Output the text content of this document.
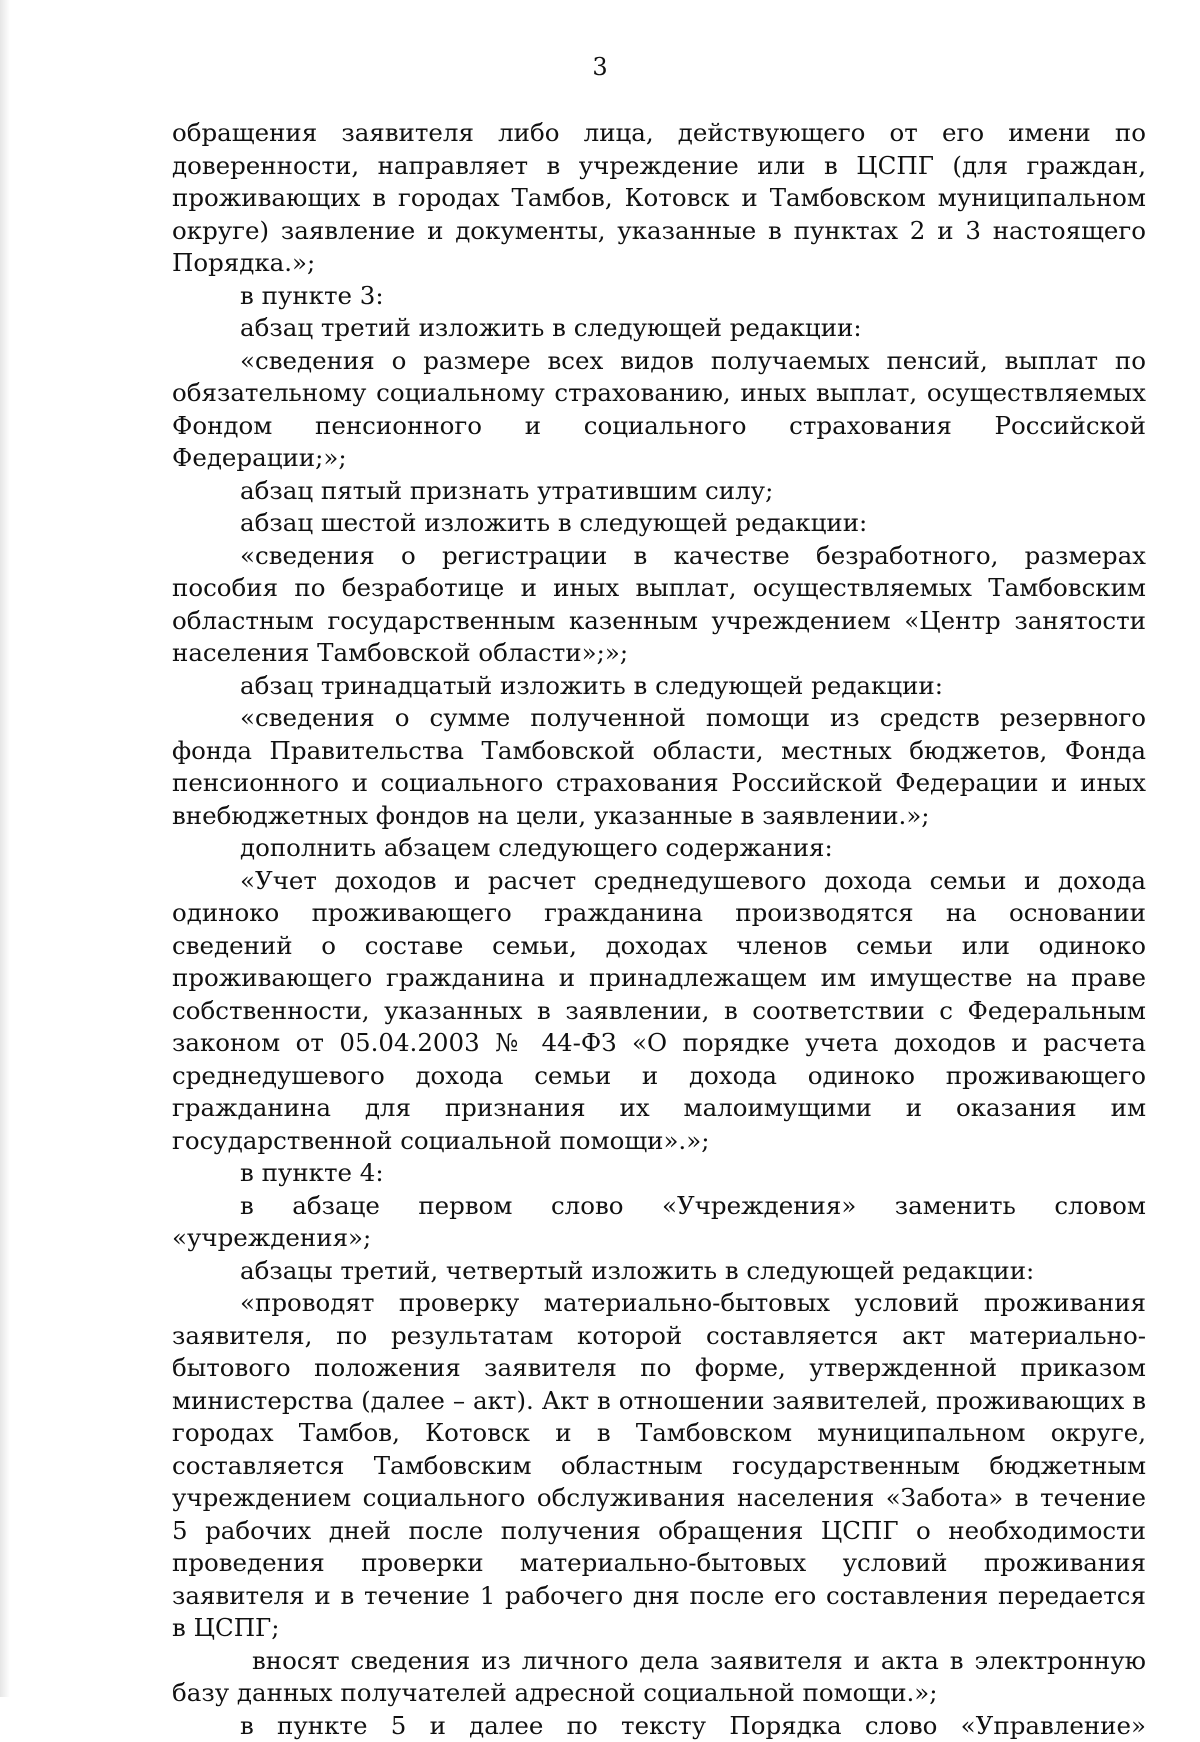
3

обращения заявителя либо лица, действующего от его имени по доверенности, направляет в учреждение или в ЦСПГ (для граждан, проживающих в городах Тамбов, Котовск и Тамбовском муниципальном округе) заявление и документы, указанные в пунктах 2 и 3 настоящего Порядка.»;

в пункте 3:

абзац третий изложить в следующей редакции:

«сведения о размере всех видов получаемых пенсий, выплат по обязательному социальному страхованию, иных выплат, осуществляемых Фондом пенсионного и социального страхования Российской Федерации;»;

абзац пятый признать утратившим силу;

абзац шестой изложить в следующей редакции:

«сведения о регистрации в качестве безработного, размерах пособия по безработице и иных выплат, осуществляемых Тамбовским областным государственным казенным учреждением «Центр занятости населения Тамбовской области»;»;

абзац тринадцатый изложить в следующей редакции:

«сведения о сумме полученной помощи из средств резервного фонда Правительства Тамбовской области, местных бюджетов, Фонда пенсионного и социального страхования Российской Федерации и иных внебюджетных фондов на цели, указанные в заявлении.»;

дополнить абзацем следующего содержания:

«Учет доходов и расчет среднедушевого дохода семьи и дохода одиноко проживающего гражданина производятся на основании сведений о составе семьи, доходах членов семьи или одиноко проживающего гражданина и принадлежащем им имуществе на праве собственности, указанных в заявлении, в соответствии с Федеральным законом от 05.04.2003 № 44-ФЗ «О порядке учета доходов и расчета среднедушевого дохода семьи и дохода одиноко проживающего гражданина для признания их малоимущими и оказания им государственной социальной помощи».»;

в пункте 4:

в абзаце первом слово «Учреждения» заменить словом «учреждения»;

абзацы третий, четвертый изложить в следующей редакции:

«проводят проверку материально-бытовых условий проживания заявителя, по результатам которой составляется акт материально-бытового положения заявителя по форме, утвержденной приказом министерства (далее – акт). Акт в отношении заявителей, проживающих в городах Тамбов, Котовск и в Тамбовском муниципальном округе, составляется Тамбовским областным государственным бюджетным учреждением социального обслуживания населения «Забота» в течение 5 рабочих дней после получения обращения ЦСПГ о необходимости проведения проверки материально-бытовых условий проживания заявителя и в течение 1 рабочего дня после его составления передается в ЦСПГ;

вносят сведения из личного дела заявителя и акта в электронную базу данных получателей адресной социальной помощи.»;

в пункте 5 и далее по тексту Порядка слово «Управление»
